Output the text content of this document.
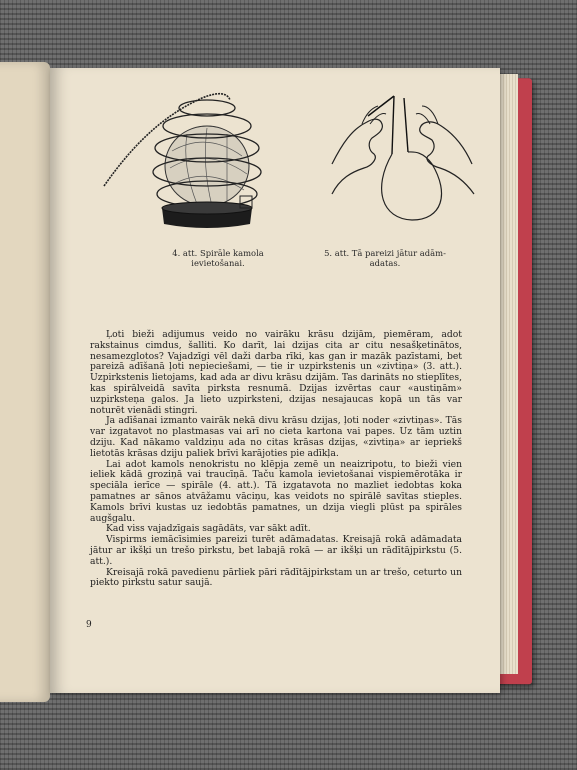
4. att. Spirāle kamola
ievietošanai.
5. att. Tā pareizi jātur adām-
adatas.

Ļoti bieži adijumus veido no vairāku krāsu dzijām, piemēram, adot rakstainus cimdus, šalliti. Ko darīt, lai dzijas cita ar citu nesašķetinātos, nesamezglotos? Vajadzīgi vēl daži darba rīki, kas gan ir mazāk pazīstami, bet pareizā adīšanā ļoti nepieciešami, — tie ir uzpirkstenis un «zivtiņa» (3. att.). Uzpirkstenis lietojams, kad ada ar divu krāsu dzijām. Tas darināts no stieplītes, kas spirālveidā savīta pirksta resnumā. Dzijas izvērtas caur «austiņām» uzpirksteņa galos. Ja lieto uzpirksteni, dzijas nesajaucas kopā un tās var noturēt vienādi stingri.

Ja adīšanai izmanto vairāk nekā divu krāsu dzijas, ļoti noder «zivtiņas». Tās var izgatavot no plastmasas vai arī no cieta kartona vai papes. Uz tām uztin dziju. Kad nākamo valdziņu ada no citas krāsas dzijas, «zivtiņa» ar iepriekš lietotās krāsas dziju paliek brīvi karājoties pie adīkļa.

Lai adot kamols nenokristu no klēpja zemē un neaizripotu, to bieži vien ieliek kādā groziņā vai traucīņā. Taču kamola ievietošanai vispiemērotāka ir speciāla ierīce — spirāle (4. att.). Tā izgatavota no mazliet iedobtas koka pamatnes ar sānos atvāžamu vāciņu, kas veidots no spirālē savītas stieples. Kamols brīvi kustas uz iedobtās pamatnes, un dzija viegli plūst pa spirāles augšgalu.

Kad viss vajadzīgais sagādāts, var sākt adīt.

Vispirms iemācīsimies pareizi turēt adāmadatas. Kreisajā rokā adāmadata jātur ar ikšķi un trešo pirkstu, bet labajā rokā — ar ikšķi un rādītājpirkstu (5. att.).

Kreisajā rokā pavedienu pārliek pāri rādītājpirkstam un ar trešo, ceturto un piekto pirkstu satur saujā.

9
